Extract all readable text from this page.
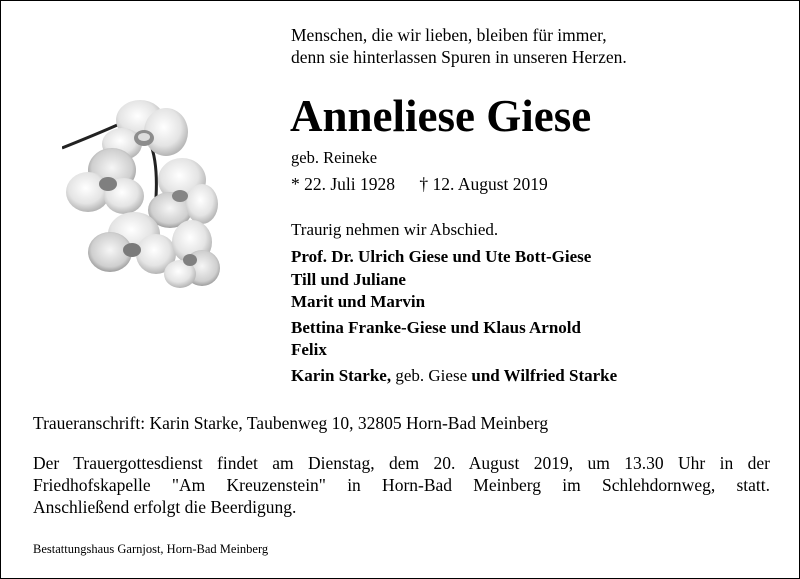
Menschen, die wir lieben, bleiben für immer,
denn sie hinterlassen Spuren in unseren Herzen.
Anneliese Giese
geb. Reineke
* 22. Juli 1928 † 12. August 2019
Traurig nehmen wir Abschied.
Prof. Dr. Ulrich Giese und Ute Bott-Giese
Till und Juliane
Marit und Marvin
Bettina Franke-Giese und Klaus Arnold
Felix
Karin Starke, geb. Giese und Wilfried Starke
Traueranschrift: Karin Starke, Taubenweg 10, 32805 Horn-Bad Meinberg
Der Trauergottesdienst findet am Dienstag, dem 20. August 2019, um 13.30 Uhr in der
Friedhofskapelle "Am Kreuzenstein" in Horn-Bad Meinberg im Schlehdornweg, statt.
Anschließend erfolgt die Beerdigung.
Bestattungshaus Garnjost, Horn-Bad Meinberg
